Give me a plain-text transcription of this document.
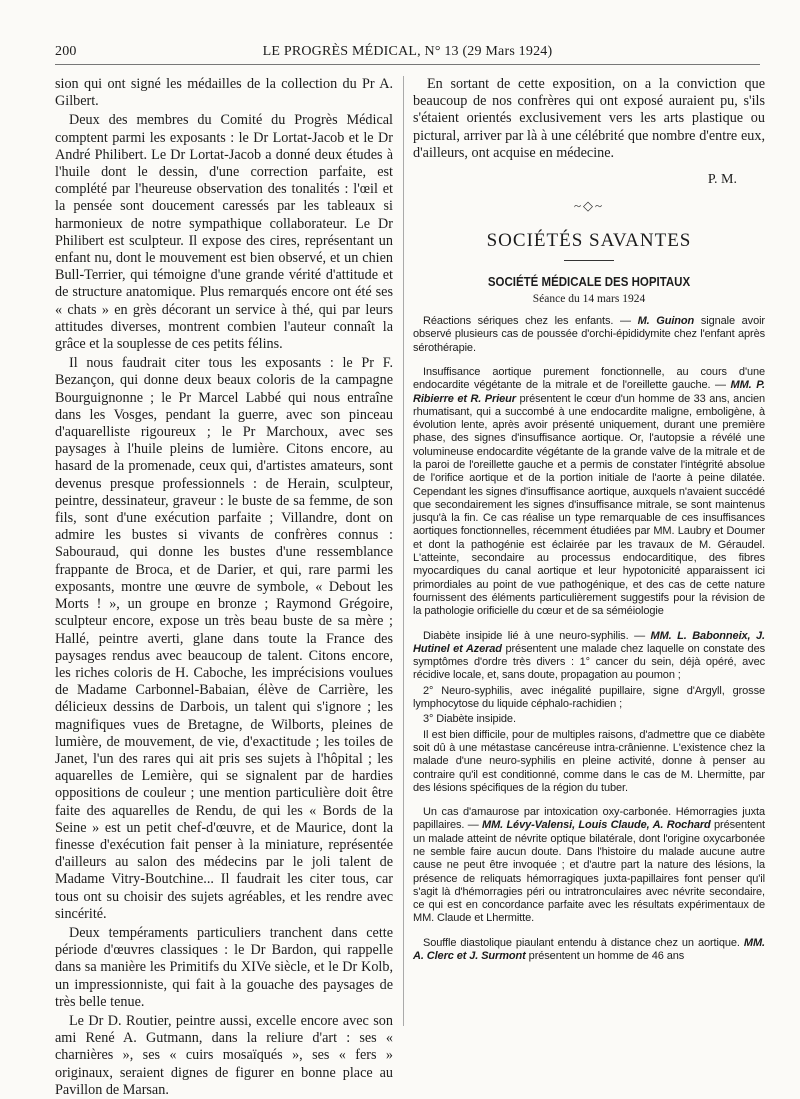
200	LE PROGRÈS MÉDICAL, N° 13 (29 Mars 1924)

sion qui ont signé les médailles de la collection du Pr A. Gilbert.

Deux des membres du Comité du Progrès Médical comptent parmi les exposants : le Dr Lortat-Jacob et le Dr André Philibert. Le Dr Lortat-Jacob a donné deux études à l'huile dont le dessin, d'une correction parfaite, est complété par l'heureuse observation des tonalités : l'œil et la pensée sont doucement caressés par les tableaux si harmonieux de notre sympathique collaborateur. Le Dr Philibert est sculpteur. Il expose des cires, représentant un enfant nu, dont le mouvement est bien observé, et un chien Bull-Terrier, qui témoigne d'une grande vérité d'attitude et de structure anatomique. Plus remarqués encore ont été ses « chats » en grès décorant un service à thé, qui par leurs attitudes diverses, montrent combien l'auteur connaît la grâce et la souplesse de ces petits félins.

Il nous faudrait citer tous les exposants : le Pr F. Bezançon, qui donne deux beaux coloris de la campagne Bourguignonne ; le Pr Marcel Labbé qui nous entraîne dans les Vosges, pendant la guerre, avec son pinceau d'aquarelliste rigoureux ; le Pr Marchoux, avec ses paysages à l'huile pleins de lumière. Citons encore, au hasard de la promenade, ceux qui, d'artistes amateurs, sont devenus presque professionnels : de Herain, sculpteur, peintre, dessinateur, graveur : le buste de sa femme, de son fils, sont d'une exécution parfaite ; Villandre, dont on admire les bustes si vivants de confrères connus : Sabouraud, qui donne les bustes d'une ressemblance frappante de Broca, et de Darier, et qui, rare parmi les exposants, montre une œuvre de symbole, « Debout les Morts ! », un groupe en bronze ; Raymond Grégoire, sculpteur encore, expose un très beau buste de sa mère ; Hallé, peintre averti, glane dans toute la France des paysages rendus avec beaucoup de talent. Citons encore, les riches coloris de H. Caboche, les imprécisions voulues de Madame Carbonnel-Babaian, élève de Carrière, les délicieux dessins de Darbois, un talent qui s'ignore ; les magnifiques vues de Bretagne, de Wilborts, pleines de lumière, de mouvement, de vie, d'exactitude ; les toiles de Janet, l'un des rares qui ait pris ses sujets à l'hôpital ; les aquarelles de Lemière, qui se signalent par de hardies oppositions de couleur ; une mention particulière doit être faite des aquarelles de Rendu, de qui les « Bords de la Seine » est un petit chef-d'œuvre, et de Maurice, dont la finesse d'exécution fait penser à la miniature, représentée d'ailleurs au salon des médecins par le joli talent de Madame Vitry-Boutchine... Il faudrait les citer tous, car tous ont su choisir des sujets agréables, et les rendre avec sincérité.

Deux tempéraments particuliers tranchent dans cette période d'œuvres classiques : le Dr Bardon, qui rappelle dans sa manière les Primitifs du XIVe siècle, et le Dr Kolb, un impressionniste, qui fait à la gouache des paysages de très belle tenue.

Le Dr D. Routier, peintre aussi, excelle encore avec son ami René A. Gutmann, dans la reliure d'art : ses « charnières », ses « cuirs mosaïqués », ses « fers » originaux, seraient dignes de figurer en bonne place au Pavillon de Marsan.

En sortant de cette exposition, on a la conviction que beaucoup de nos confrères qui ont exposé auraient pu, s'ils s'étaient orientés exclusivement vers les arts plastique ou pictural, arriver par là à une célébrité que nombre d'entre eux, d'ailleurs, ont acquise en médecine.

P. M.
~◇~
SOCIÉTÉS SAVANTES
SOCIÉTÉ MÉDICALE DES HOPITAUX
Séance du 14 mars 1924

Réactions sériques chez les enfants. — M. Guinon signale avoir observé plusieurs cas de poussée d'orchi-épididymite chez l'enfant après sérothérapie.

Insuffisance aortique purement fonctionnelle, au cours d'une endocardite végétante de la mitrale et de l'oreillette gauche. — MM. P. Ribierre et R. Prieur présentent le cœur d'un homme de 33 ans, ancien rhumatisant, qui a succombé à une endocardite maligne, emboligène, à évolution lente, après avoir présenté uniquement, durant une première phase, des signes d'insuffisance aortique. Or, l'autopsie a révélé une volumineuse endocardite végétante de la grande valve de la mitrale et de la paroi de l'oreillette gauche et a permis de constater l'intégrité absolue de l'orifice aortique et de la portion initiale de l'aorte à peine dilatée. Cependant les signes d'insuffisance aortique, auxquels n'avaient succédé que secondairement les signes d'insuffisance mitrale, se sont maintenus jusqu'à la fin. Ce cas réalise un type remarquable de ces insuffisances aortiques fonctionnelles, récemment étudiées par MM. Laubry et Doumer et dont la pathogénie est éclairée par les travaux de M. Géraudel. L'atteinte, secondaire au processus endocarditique, des fibres myocardiques du canal aortique et leur hypotonicité apparaissent ici primordiales au point de vue pathogénique, et des cas de cette nature fournissent des éléments particulièrement suggestifs pour la révision de la pathologie orificielle du cœur et de sa séméiologie

Diabète insipide lié à une neuro-syphilis. — MM. L. Babonneix, J. Hutinel et Azerad présentent une malade chez laquelle on constate des symptômes d'ordre très divers : 1° cancer du sein, déjà opéré, avec récidive locale, et, sans doute, propagation au poumon ;

2° Neuro-syphilis, avec inégalité pupillaire, signe d'Argyll, grosse lymphocytose du liquide céphalo-rachidien ;

3° Diabète insipide.

Il est bien difficile, pour de multiples raisons, d'admettre que ce diabète soit dû à une métastase cancéreuse intra-crânienne. L'existence chez la malade d'une neuro-syphilis en pleine activité, donne à penser au contraire qu'il est conditionné, comme dans le cas de M. Lhermitte, par des lésions spécifiques de la région du tuber.

Un cas d'amaurose par intoxication oxy-carbonée. Hémorragies juxta papillaires. — MM. Lévy-Valensi, Louis Claude, A. Rochard présentent un malade atteint de névrite optique bilatérale, dont l'origine oxycarbonée ne semble faire aucun doute. Dans l'histoire du malade aucune autre cause ne peut être invoquée ; et d'autre part la nature des lésions, la présence de reliquats hémorragiques juxta-papillaires font penser qu'il s'agit là d'hémorragies péri ou intratronculaires avec névrite secondaire, ce qui est en concordance parfaite avec les résultats expérimentaux de MM. Claude et Lhermitte.

Souffle diastolique piaulant entendu à distance chez un aortique. MM. A. Clerc et J. Surmont présentent un homme de 46 ans
